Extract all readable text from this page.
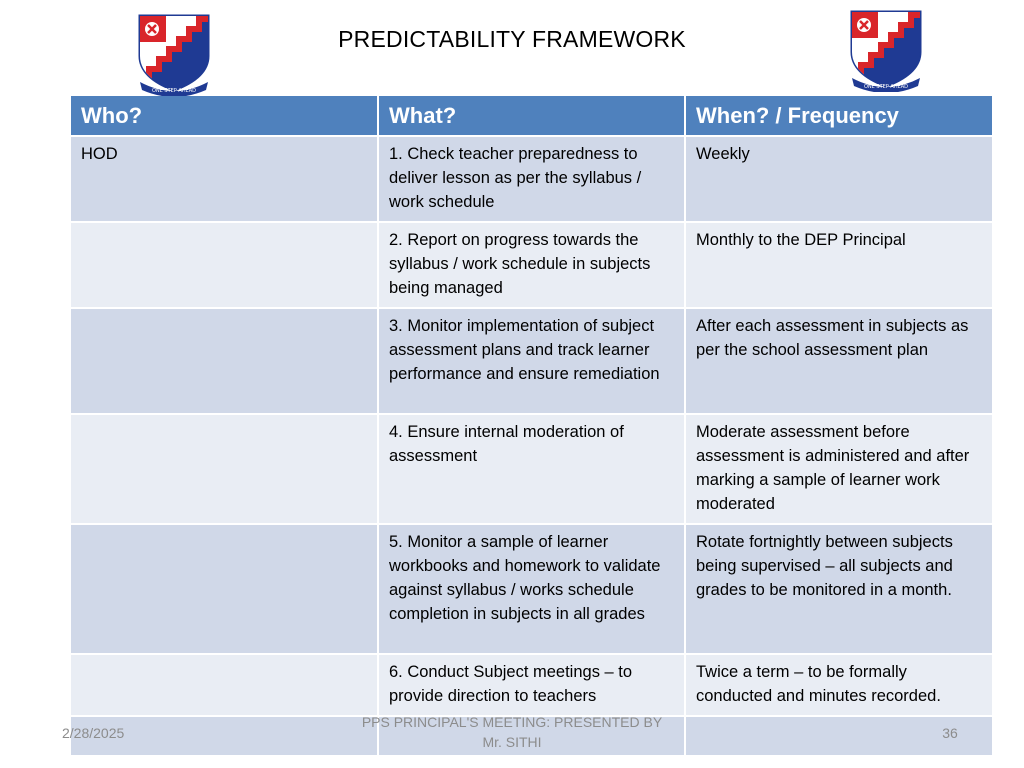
PREDICTABILITY FRAMEWORK
ONE STEP AHEAD
ONE STEP AHEAD
Who?	What?	When? / Frequency
HOD	1. Check teacher preparedness to deliver lesson as per the syllabus / work schedule	Weekly
	2. Report on progress towards the syllabus / work schedule in subjects being managed	Monthly to the DEP Principal
	3. Monitor implementation of subject assessment plans and track learner performance and ensure remediation	After each assessment in subjects as per the school assessment plan
	4. Ensure internal moderation of assessment	Moderate assessment before assessment is administered and after marking a sample of learner work moderated
	5. Monitor a sample of learner workbooks and homework to validate against syllabus / works schedule completion in subjects in all grades	Rotate fortnightly between subjects being supervised – all subjects and grades to be monitored in a month.
	6. Conduct Subject meetings – to provide direction to teachers	Twice a term – to be formally conducted and minutes recorded.

2/28/2025
PPS PRINCIPAL'S MEETING: PRESENTED BY Mr. SITHI
36
